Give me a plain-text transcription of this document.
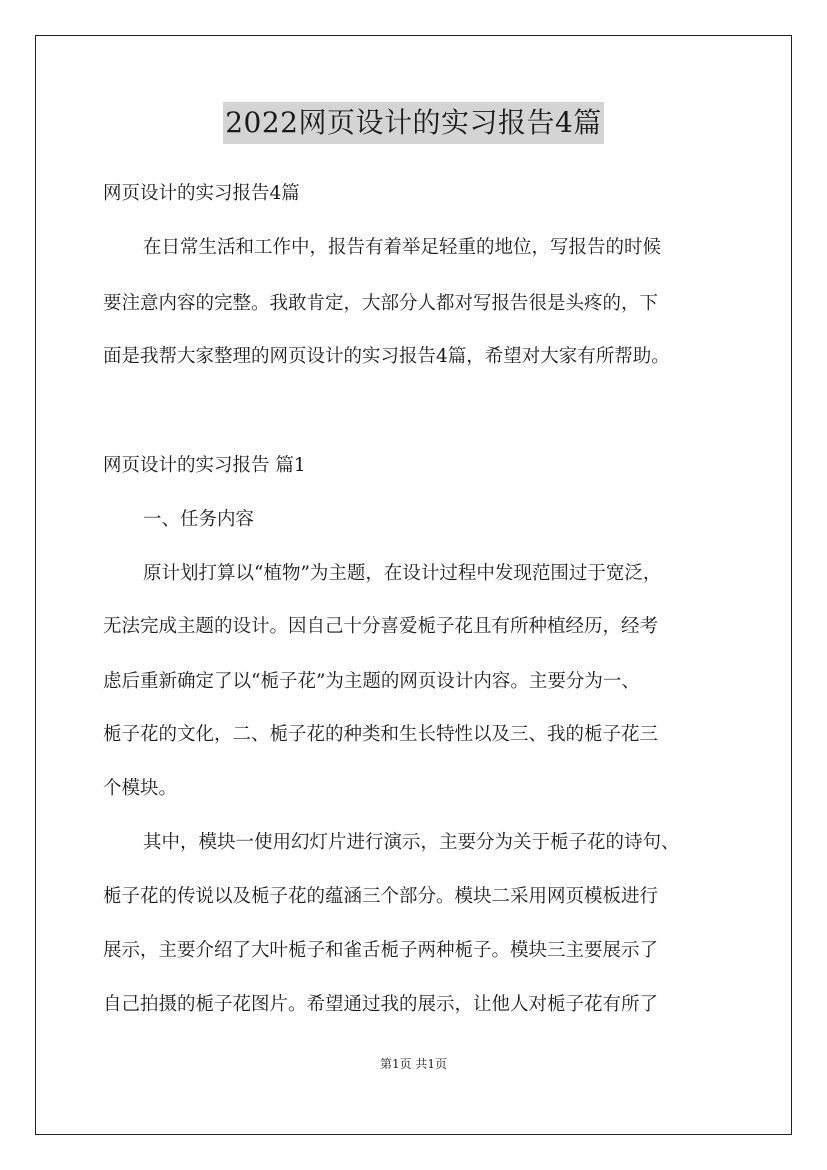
2022网页设计的实习报告4篇
网页设计的实习报告4篇
在日常生活和工作中，报告有着举足轻重的地位，写报告的时候
要注意内容的完整。我敢肯定，大部分人都对写报告很是头疼的，下
面是我帮大家整理的网页设计的实习报告4篇，希望对大家有所帮助。
网页设计的实习报告 篇1
一、任务内容
原计划打算以“植物”为主题，在设计过程中发现范围过于宽泛，
无法完成主题的设计。因自己十分喜爱栀子花且有所种植经历，经考
虑后重新确定了以“栀子花”为主题的网页设计内容。主要分为一、
栀子花的文化，二、栀子花的种类和生长特性以及三、我的栀子花三
个模块。
其中，模块一使用幻灯片进行演示，主要分为关于栀子花的诗句、
栀子花的传说以及栀子花的蕴涵三个部分。模块二采用网页模板进行
展示，主要介绍了大叶栀子和雀舌栀子两种栀子。模块三主要展示了
自己拍摄的栀子花图片。希望通过我的展示，让他人对栀子花有所了
第1页 共1页
